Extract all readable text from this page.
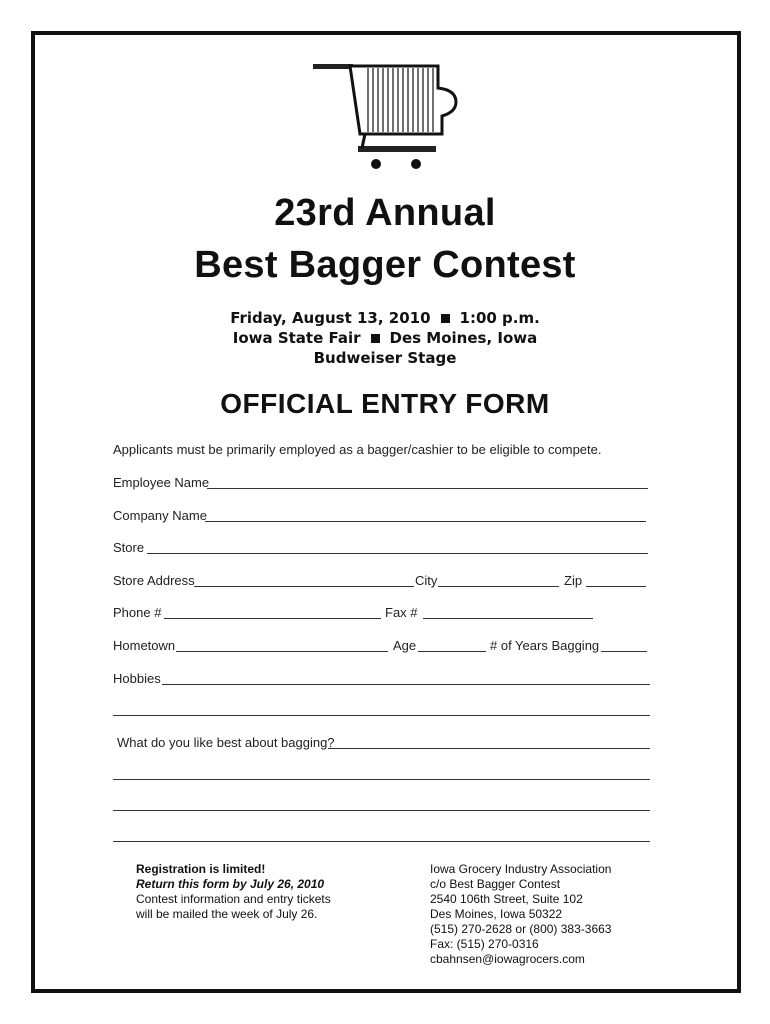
23rd Annual
Best Bagger Contest
Friday, August 13, 2010 1:00 p.m.
Iowa State Fair Des Moines, Iowa
Budweiser Stage
OFFICIAL ENTRY FORM
Applicants must be primarily employed as a bagger/cashier to be eligible to compete.
Employee Name
Company Name
Store
Store Address	City	Zip
Phone #	Fax #
Hometown	Age	# of Years Bagging
Hobbies
What do you like best about bagging?
Registration is limited!
Return this form by July 26, 2010
Contest information and entry tickets
will be mailed the week of July 26.
Iowa Grocery Industry Association
c/o Best Bagger Contest
2540 106th Street, Suite 102
Des Moines, Iowa 50322
(515) 270-2628 or (800) 383-3663
Fax: (515) 270-0316
cbahnsen@iowagrocers.com
